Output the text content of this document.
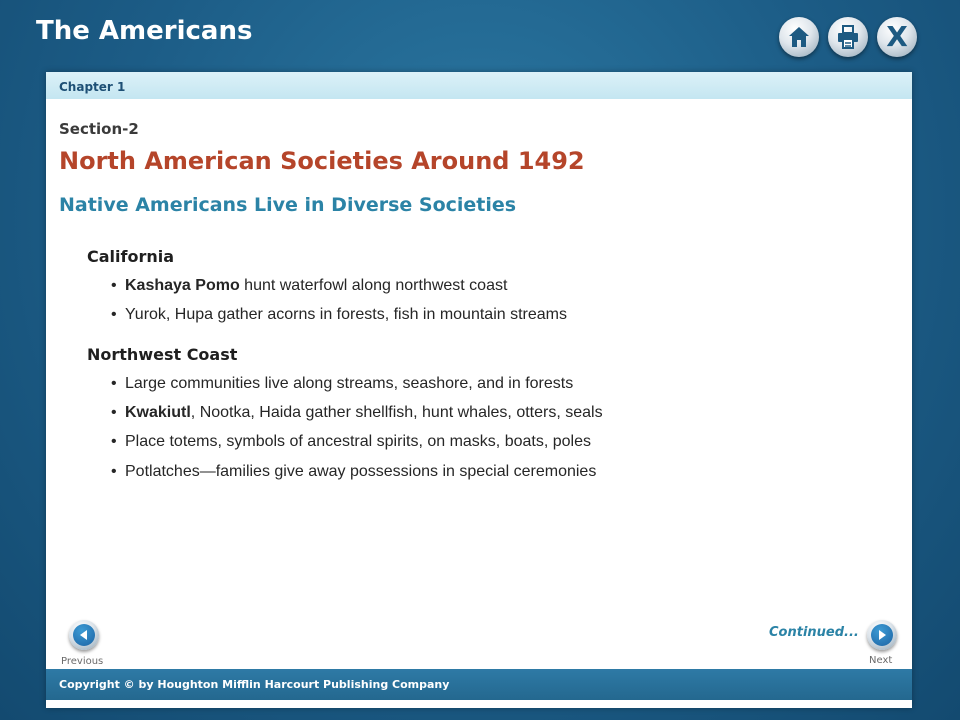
The Americans	X
Chapter 1
Section-2
North American Societies Around 1492
Native Americans Live in Diverse Societies
California
• Kashaya Pomo hunt waterfowl along northwest coast
• Yurok, Hupa gather acorns in forests, fish in mountain streams
Northwest Coast
• Large communities live along streams, seashore, and in forests
• Kwakiutl, Nootka, Haida gather shellfish, hunt whales, otters, seals
• Place totems, symbols of ancestral spirits, on masks, boats, poles
• Potlatches—families give away possessions in special ceremonies
Continued...
Previous	Next
Copyright © by Houghton Mifflin Harcourt Publishing Company
